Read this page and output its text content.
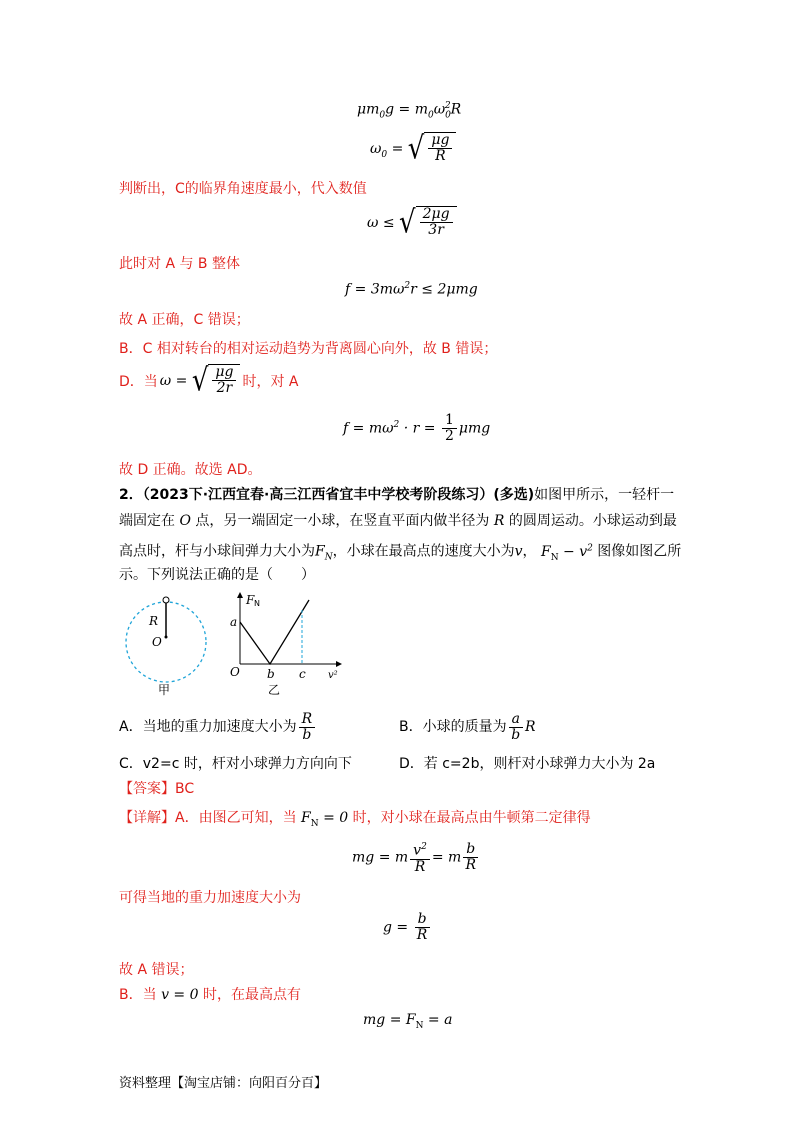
$\mu m_0g = m_0\omega_0^2R$
$\omega_0$ = √ $\frac{\mu g}{R}$
判断出，C的临界角速度最小，代入数值
ω ≤ √ $\frac{2\mu g}{3r}$
此时对 A 与 B 整体
$f = 3m\omega^2r \le 2\mu mg$
故 A 正确，C 错误；
B．C 相对转台的相对运动趋势为背离圆心向外，故 B 错误；
D．当 ω = √ $\frac{\mu g}{2r}$ 时，对 A
$f = m\omega^2 \cdot r = \frac{1}{2}$ μmg
故 D 正确。故选 AD。
2．（2023下·江西宜春·高三江西省宜丰中学校考阶段练习）(多选)如图甲所示，一轻杆一
端固定在 O 点，另一端固定一小球，在竖直平面内做半径为 R 的圆周运动。小球运动到最
高点时，杆与小球间弹力大小为$F_N$，小球在最高点的速度大小为v， $F_N - v^2$ 图像如图乙所
示。下列说法正确的是（　　）
R
O
甲
F N
a
b c
O	v²
乙
A．当地的重力加速度大小为 $\frac{R}{b}$	B．小球的质量为 $\frac{a}{b}$ R
C．v2=c 时，杆对小球弹力方向向下	D．若 c=2b，则杆对小球弹力大小为 2a
【答案】BC
【详解】A．由图乙可知，当 $F_N = 0$ 时，对小球在最高点由牛顿第二定律得
mg = m $\frac{v^2}{R} = m \frac{b}{R}$
可得当地的重力加速度大小为
$g = \frac{b}{R}$
故 A 错误；
B．当 v = 0 时，在最高点有
mg = $F_N = a$
资料整理【淘宝店铺：向阳百分百】
